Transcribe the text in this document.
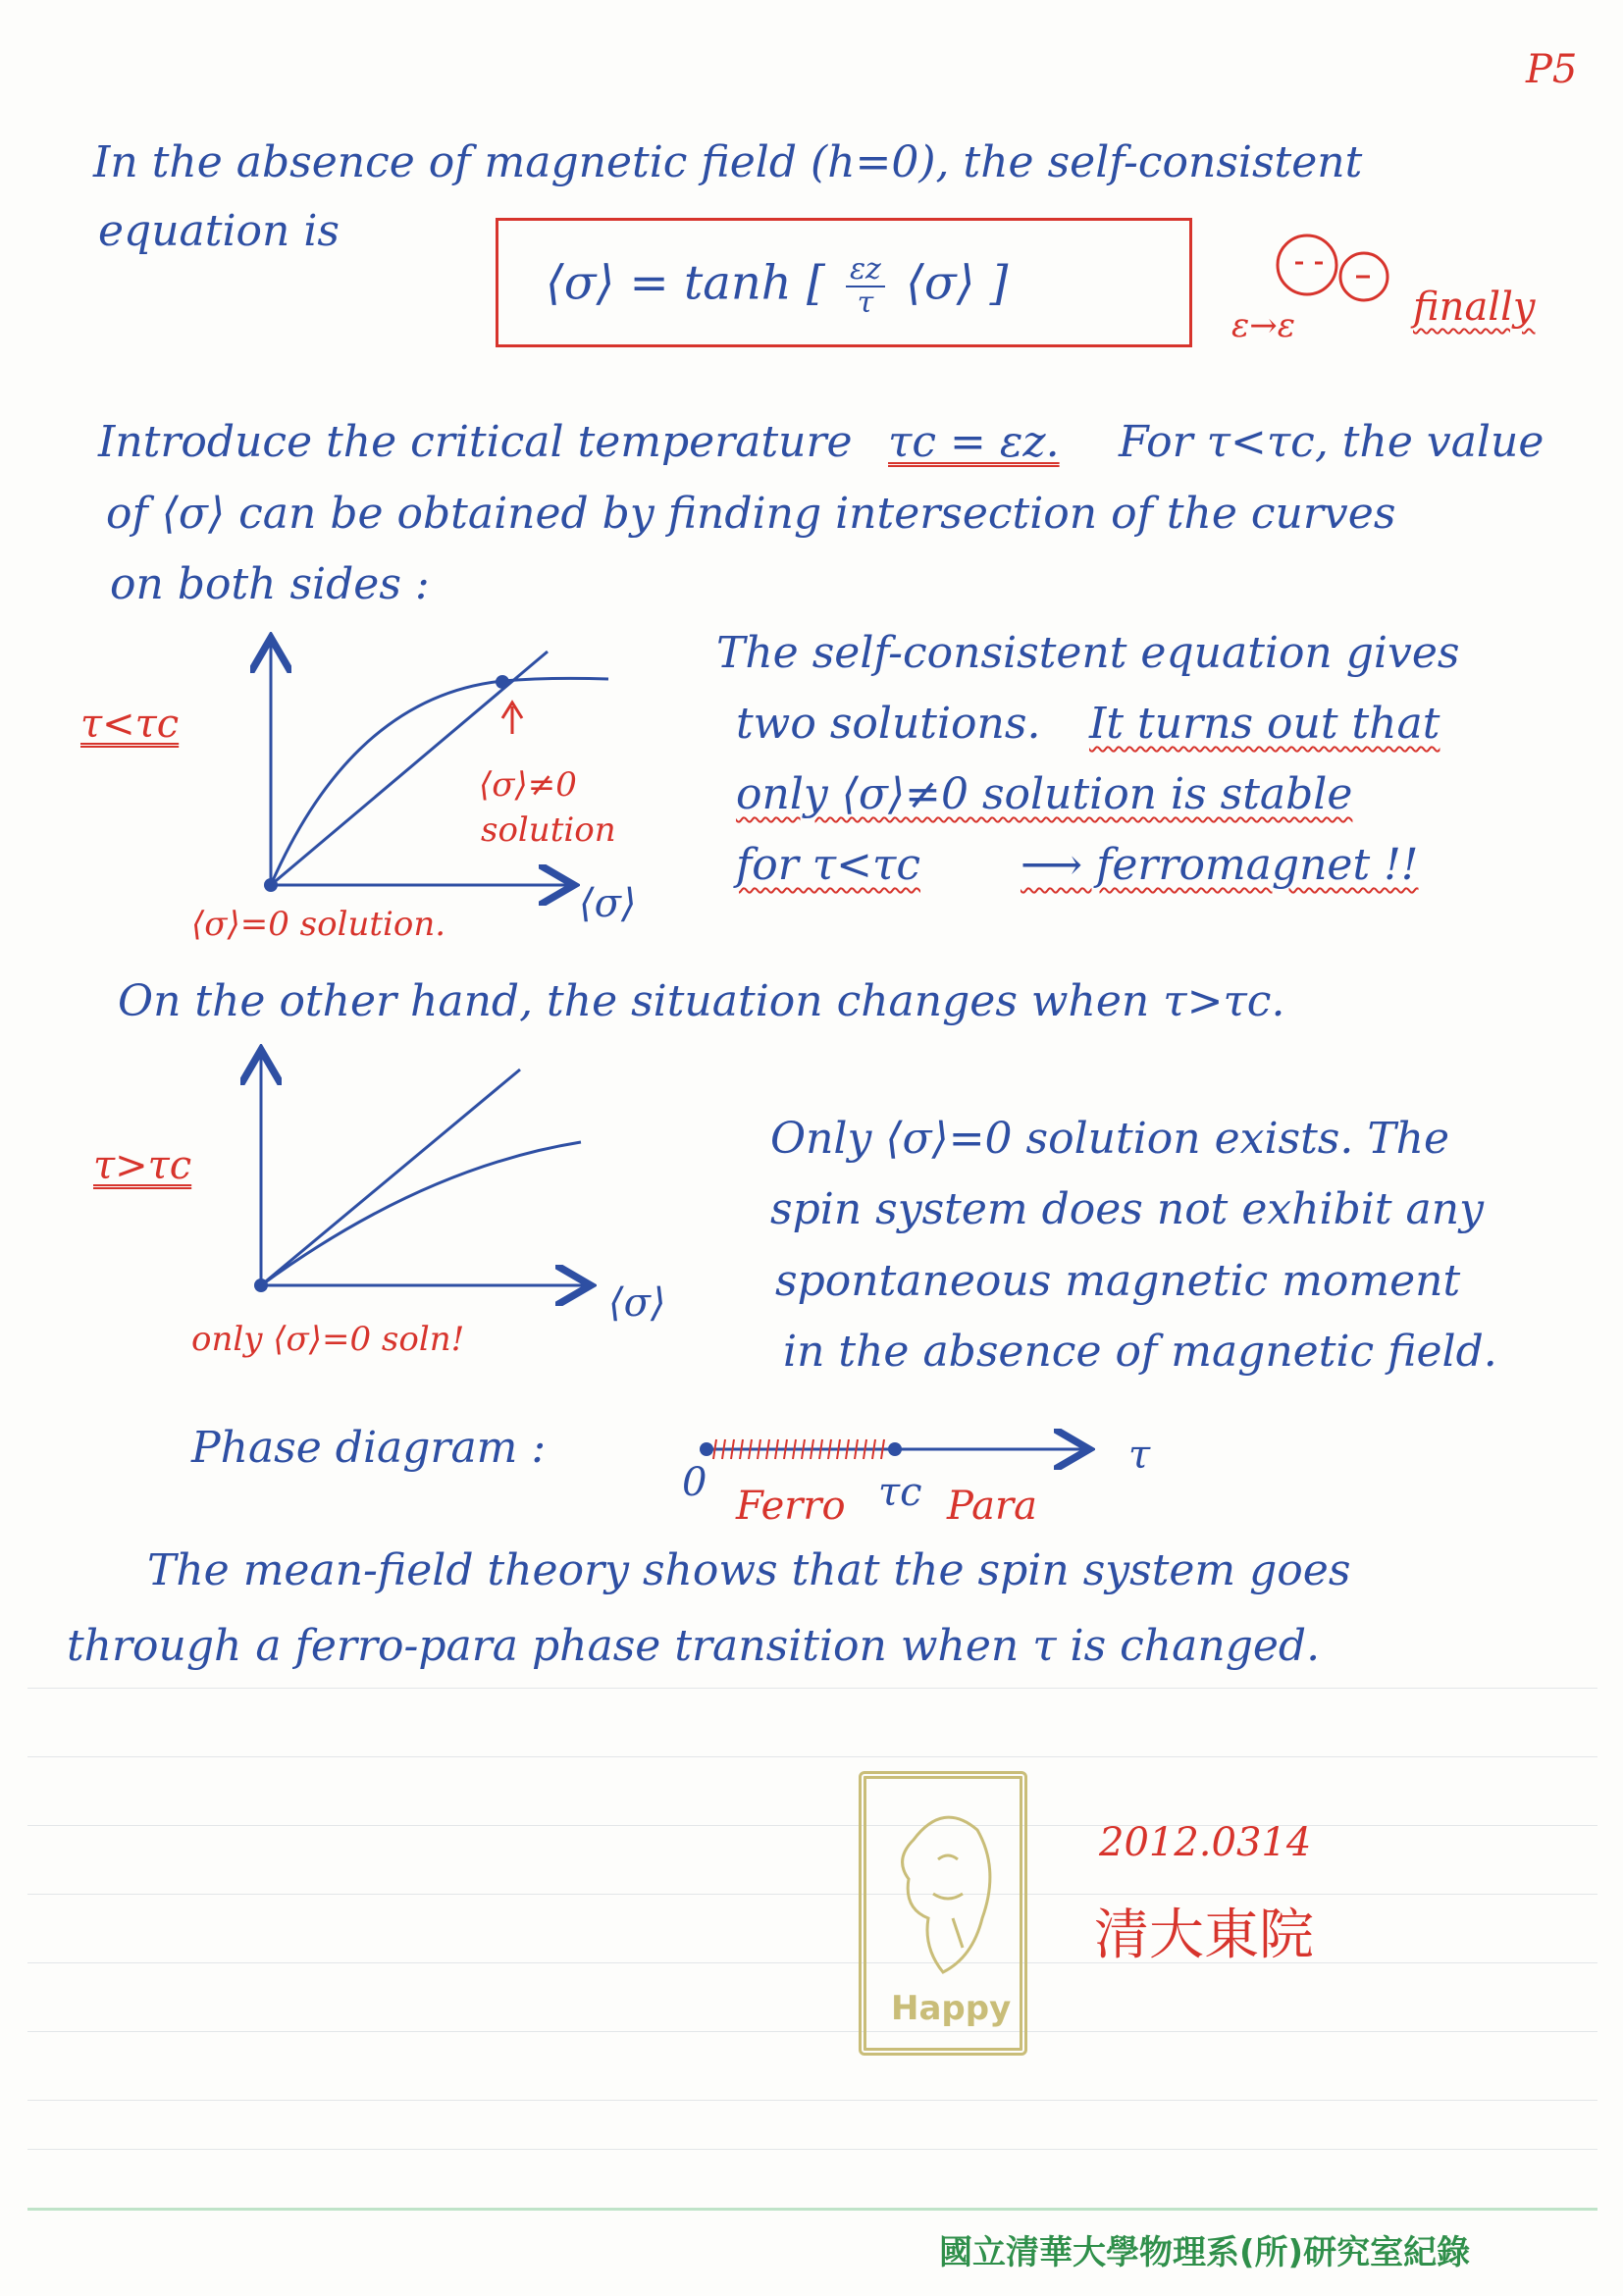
P5
In the absence of magnetic field (h=0), the self-consistent
equation is
⟨σ⟩ = tanh [ $\frac{\varepsilon z}{\tau}$ ⟨σ⟩ ]
ε→ε	finally
Introduce the critical temperature τc = εz. For τ<τc, the value
of ⟨σ⟩ can be obtained by finding intersection of the curves
on both sides :
τ<τc
⟨σ⟩≠0
solution
⟨σ⟩=0 solution.	⟨σ⟩
The self-consistent equation gives
two solutions. It turns out that
only ⟨σ⟩≠0 solution is stable
for τ<τc ⟶ ferromagnet !!
On the other hand, the situation changes when τ>τc.
τ>τc
⟨σ⟩
only ⟨σ⟩=0 soln!
Only ⟨σ⟩=0 solution exists. The
spin system does not exhibit any
spontaneous magnetic moment
in the absence of magnetic field.
Phase diagram :	τ
0
Ferro τc Para
The mean-field theory shows that the spin system goes
through a ferro-para phase transition when τ is changed.
Happy
2012.0314
清大東院
國立清華大學物理系(所)研究室紀錄
